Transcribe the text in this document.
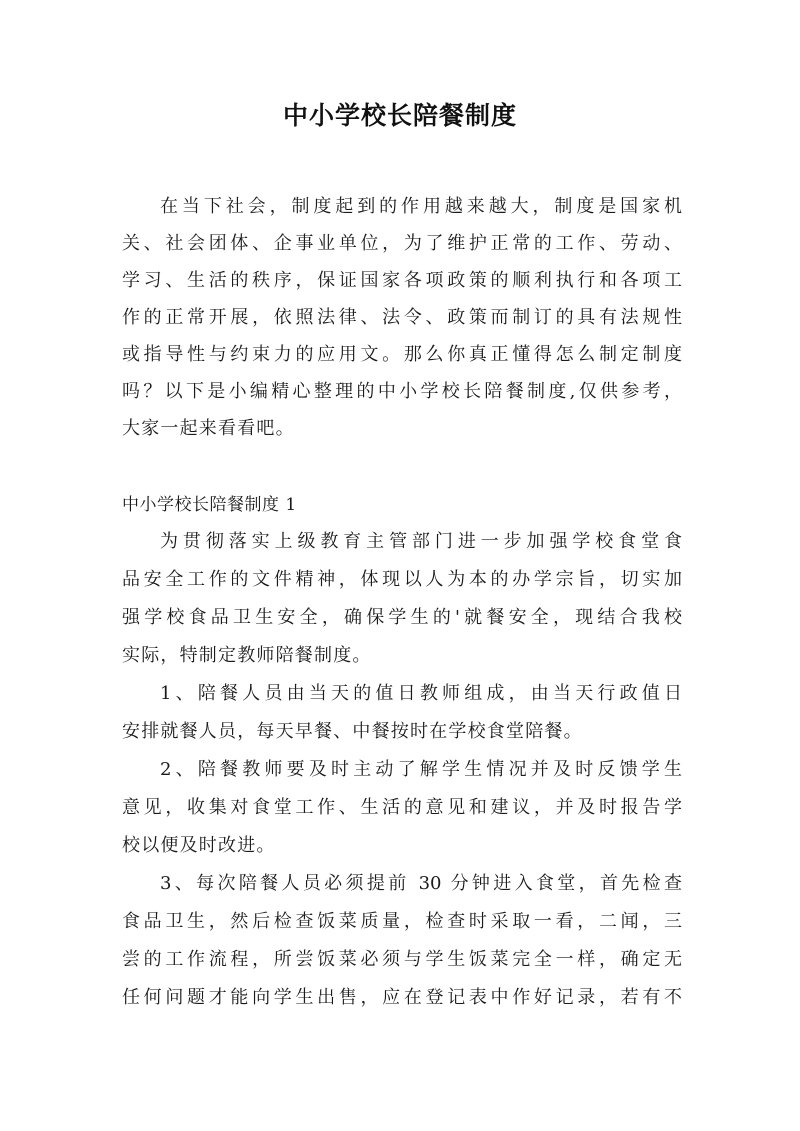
中小学校长陪餐制度
在当下社会，制度起到的作用越来越大，制度是国家机
关、社会团体、企事业单位，为了维护正常的工作、劳动、
学习、生活的秩序，保证国家各项政策的顺利执行和各项工
作的正常开展，依照法律、法令、政策而制订的具有法规性
或指导性与约束力的应用文。那么你真正懂得怎么制定制度
吗？以下是小编精心整理的中小学校长陪餐制度,仅供参考，
大家一起来看看吧。
中小学校长陪餐制度 1
为贯彻落实上级教育主管部门进一步加强学校食堂食
品安全工作的文件精神，体现以人为本的办学宗旨，切实加
强学校食品卫生安全，确保学生的'就餐安全，现结合我校
实际，特制定教师陪餐制度。
1、陪餐人员由当天的值日教师组成，由当天行政值日
安排就餐人员，每天早餐、中餐按时在学校食堂陪餐。
2、陪餐教师要及时主动了解学生情况并及时反馈学生
意见，收集对食堂工作、生活的意见和建议，并及时报告学
校以便及时改进。
3、每次陪餐人员必须提前 30 分钟进入食堂，首先检查
食品卫生，然后检查饭菜质量，检查时采取一看，二闻，三
尝的工作流程，所尝饭菜必须与学生饭菜完全一样，确定无
任何问题才能向学生出售，应在登记表中作好记录，若有不
